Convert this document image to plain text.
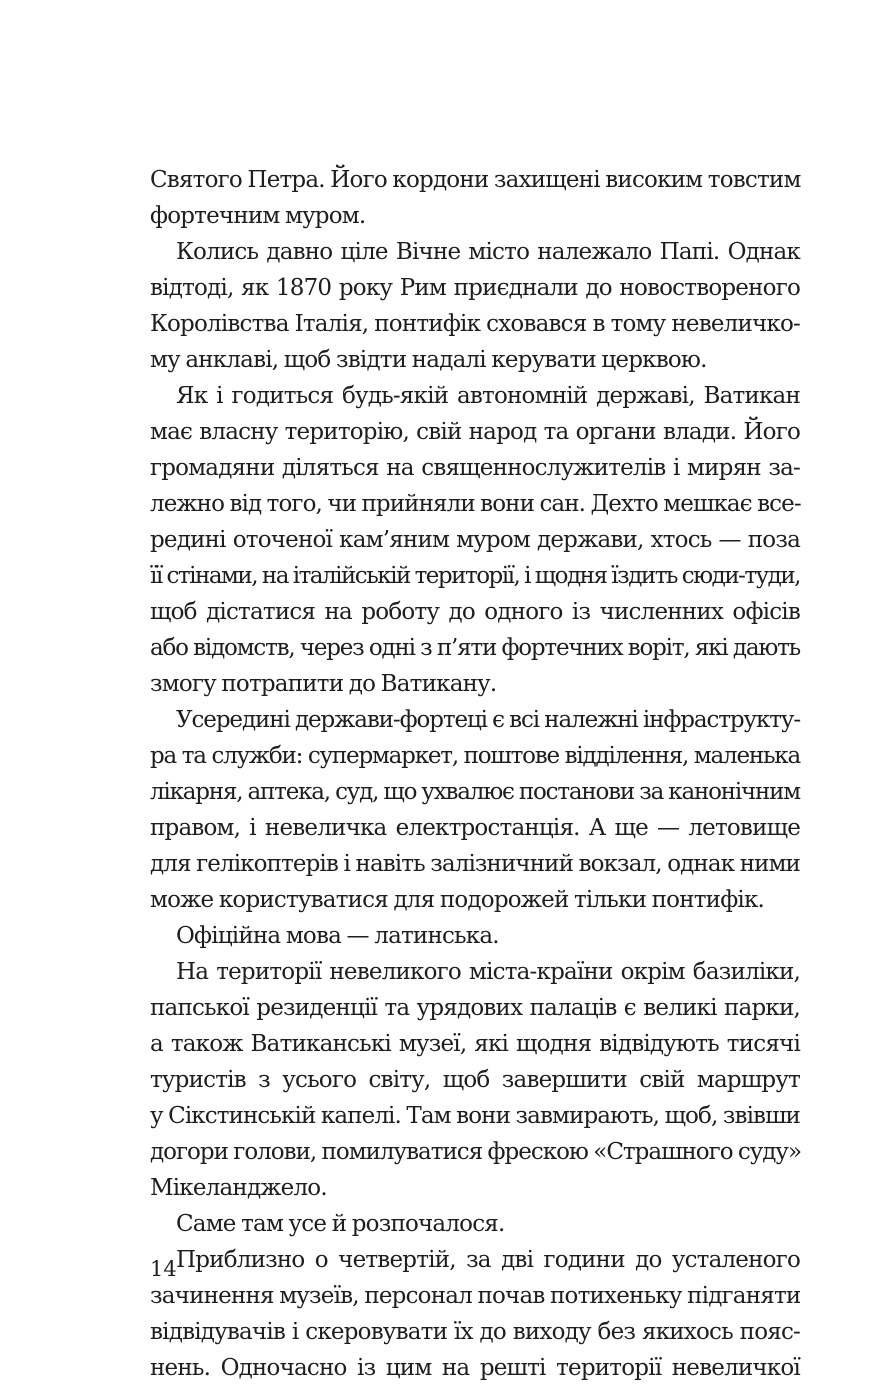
Святого Петра. Його кордони захищені високим товстим
фортечним муром.
Колись давно ціле Вічне місто належало Папі. Однак
відтоді, як 1870 року Рим приєднали до новоствореного
Королівства Італія, понтифік сховався в тому невеличко-
му анклаві, щоб звідти надалі керувати церквою.
Як і годиться будь-якій автономній державі, Ватикан
має власну територію, свій народ та органи влади. Його
громадяни діляться на священнослужителів і мирян за-
лежно від того, чи прийняли вони сан. Дехто мешкає все-
редині оточеної кам’яним муром держави, хтось — поза
її стінами, на італійській території, і щодня їздить сюди-туди,
щоб дістатися на роботу до одного із численних офісів
або відомств, через одні з п’яти фортечних воріт, які дають
змогу потрапити до Ватикану.
Усередині держави-фортеці є всі належні інфраструкту-
ра та служби: супермаркет, поштове відділення, маленька
лікарня, аптека, суд, що ухвалює постанови за канонічним
правом, і невеличка електростанція. А ще — летовище
для гелікоптерів і навіть залізничний вокзал, однак ними
може користуватися для подорожей тільки понтифік.
Офіційна мова — латинська.
На території невеликого міста-країни окрім базиліки,
папської резиденції та урядових палаців є великі парки,
а також Ватиканські музеї, які щодня відвідують тисячі
туристів з усього світу, щоб завершити свій маршрут
у Сікстинській капелі. Там вони завмирають, щоб, звівши
догори голови, помилуватися фрескою «Страшного суду»
Мікеланджело.
Саме там усе й розпочалося.
Приблизно о четвертій, за дві години до усталеного
зачинення музеїв, персонал почав потихеньку підганяти
відвідувачів і скеровувати їх до виходу без якихось пояс-
нень. Одночасно із цим на решті території невеличкої
14
